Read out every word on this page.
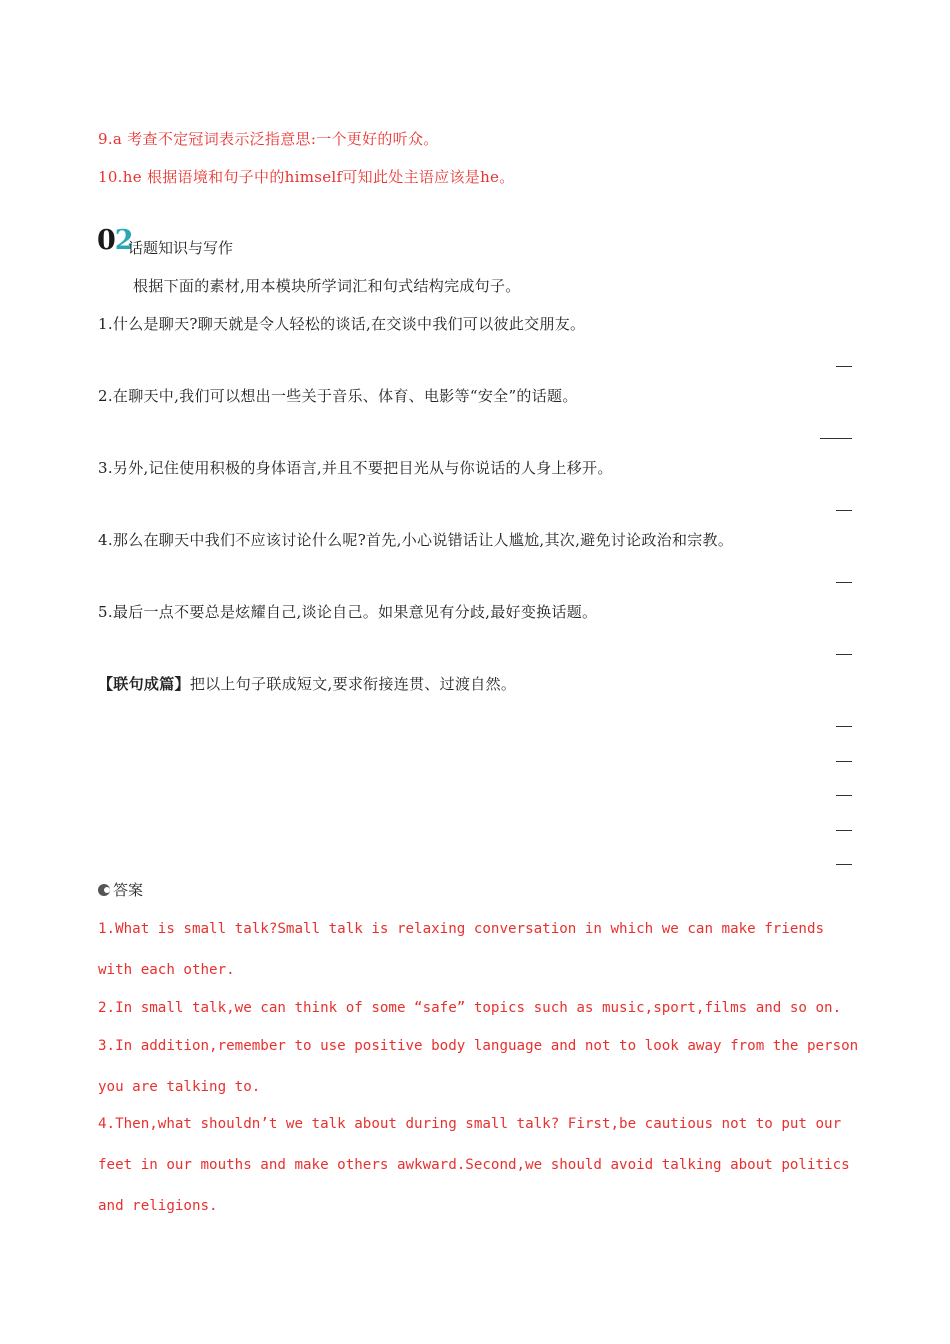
9.a 考查不定冠词表示泛指意思:一个更好的听众。
10.he 根据语境和句子中的himself可知此处主语应该是he。
02
话题知识与写作
根据下面的素材,用本模块所学词汇和句式结构完成句子。
1.什么是聊天?聊天就是令人轻松的谈话,在交谈中我们可以彼此交朋友。
2.在聊天中,我们可以想出一些关于音乐、体育、电影等“安全”的话题。
3.另外,记住使用积极的身体语言,并且不要把目光从与你说话的人身上移开。
4.那么在聊天中我们不应该讨论什么呢?首先,小心说错话让人尴尬,其次,避免讨论政治和宗教。
5.最后一点不要总是炫耀自己,谈论自己。如果意见有分歧,最好变换话题。
【联句成篇】把以上句子联成短文,要求衔接连贯、过渡自然。
答案
1.What is small talk?Small talk is relaxing conversation in which we can make friends
with each other.
2.In small talk,we can think of some “safe” topics such as music,sport,films and so on.
3.In addition,remember to use positive body language and not to look away from the person
you are talking to.
4.Then,what shouldn’t we talk about during small talk? First,be cautious not to put our
feet in our mouths and make others awkward.Second,we should avoid talking about politics
and religions.
